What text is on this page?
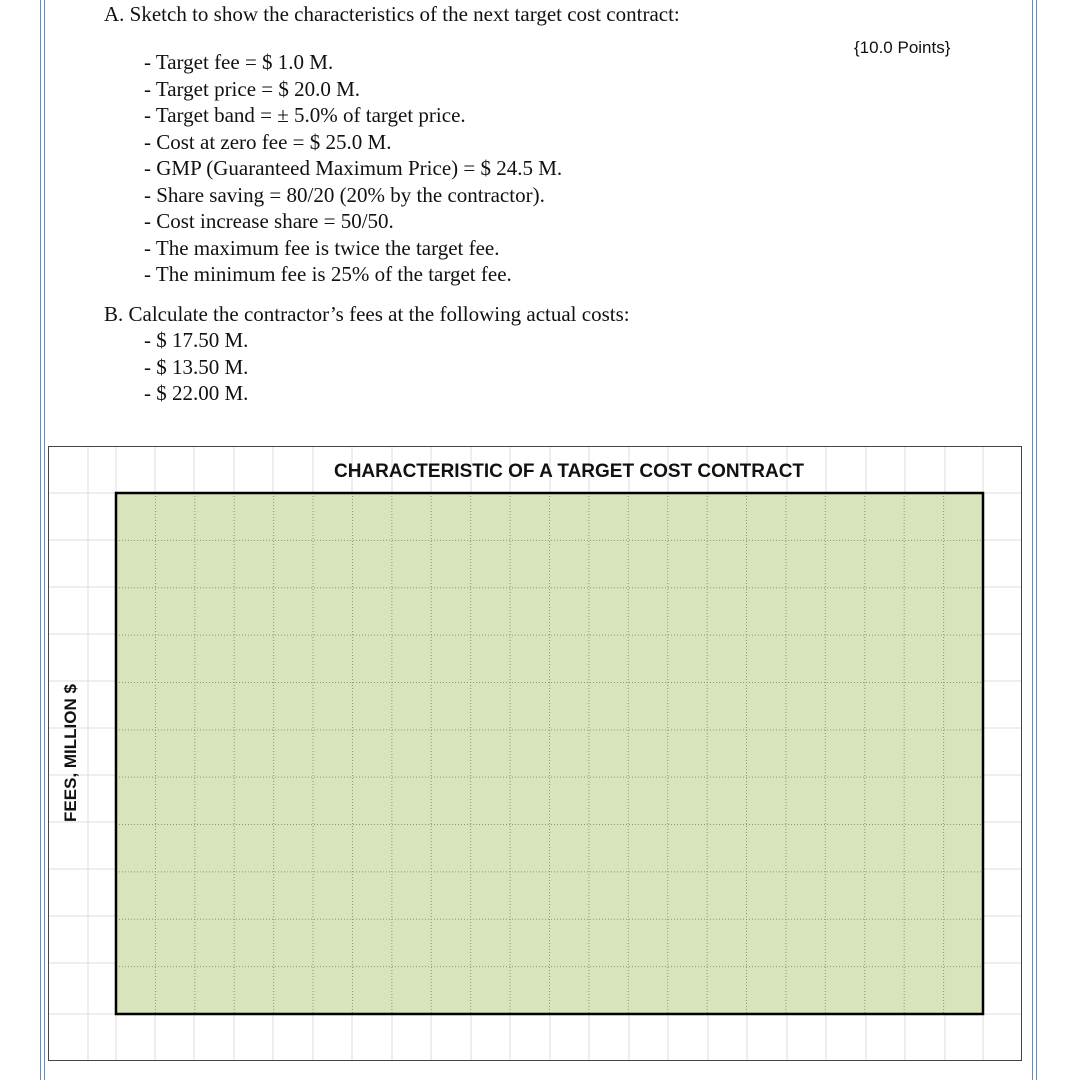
A. Sketch to show the characteristics of the next target cost contract:
{10.0 Points}
- Target fee = $ 1.0 M.
- Target price = $ 20.0 M.
- Target band = ± 5.0% of target price.
- Cost at zero fee = $ 25.0 M.
- GMP (Guaranteed Maximum Price) = $ 24.5 M.
- Share saving = 80/20 (20% by the contractor).
- Cost increase share = 50/50.
- The maximum fee is twice the target fee.
- The minimum fee is 25% of the target fee.
B. Calculate the contractor’s fees at the following actual costs:
- $ 17.50 M.
- $ 13.50 M.
- $ 22.00 M.
CHARACTERISTIC OF A TARGET COST CONTRACT
FEES, MILLION $
